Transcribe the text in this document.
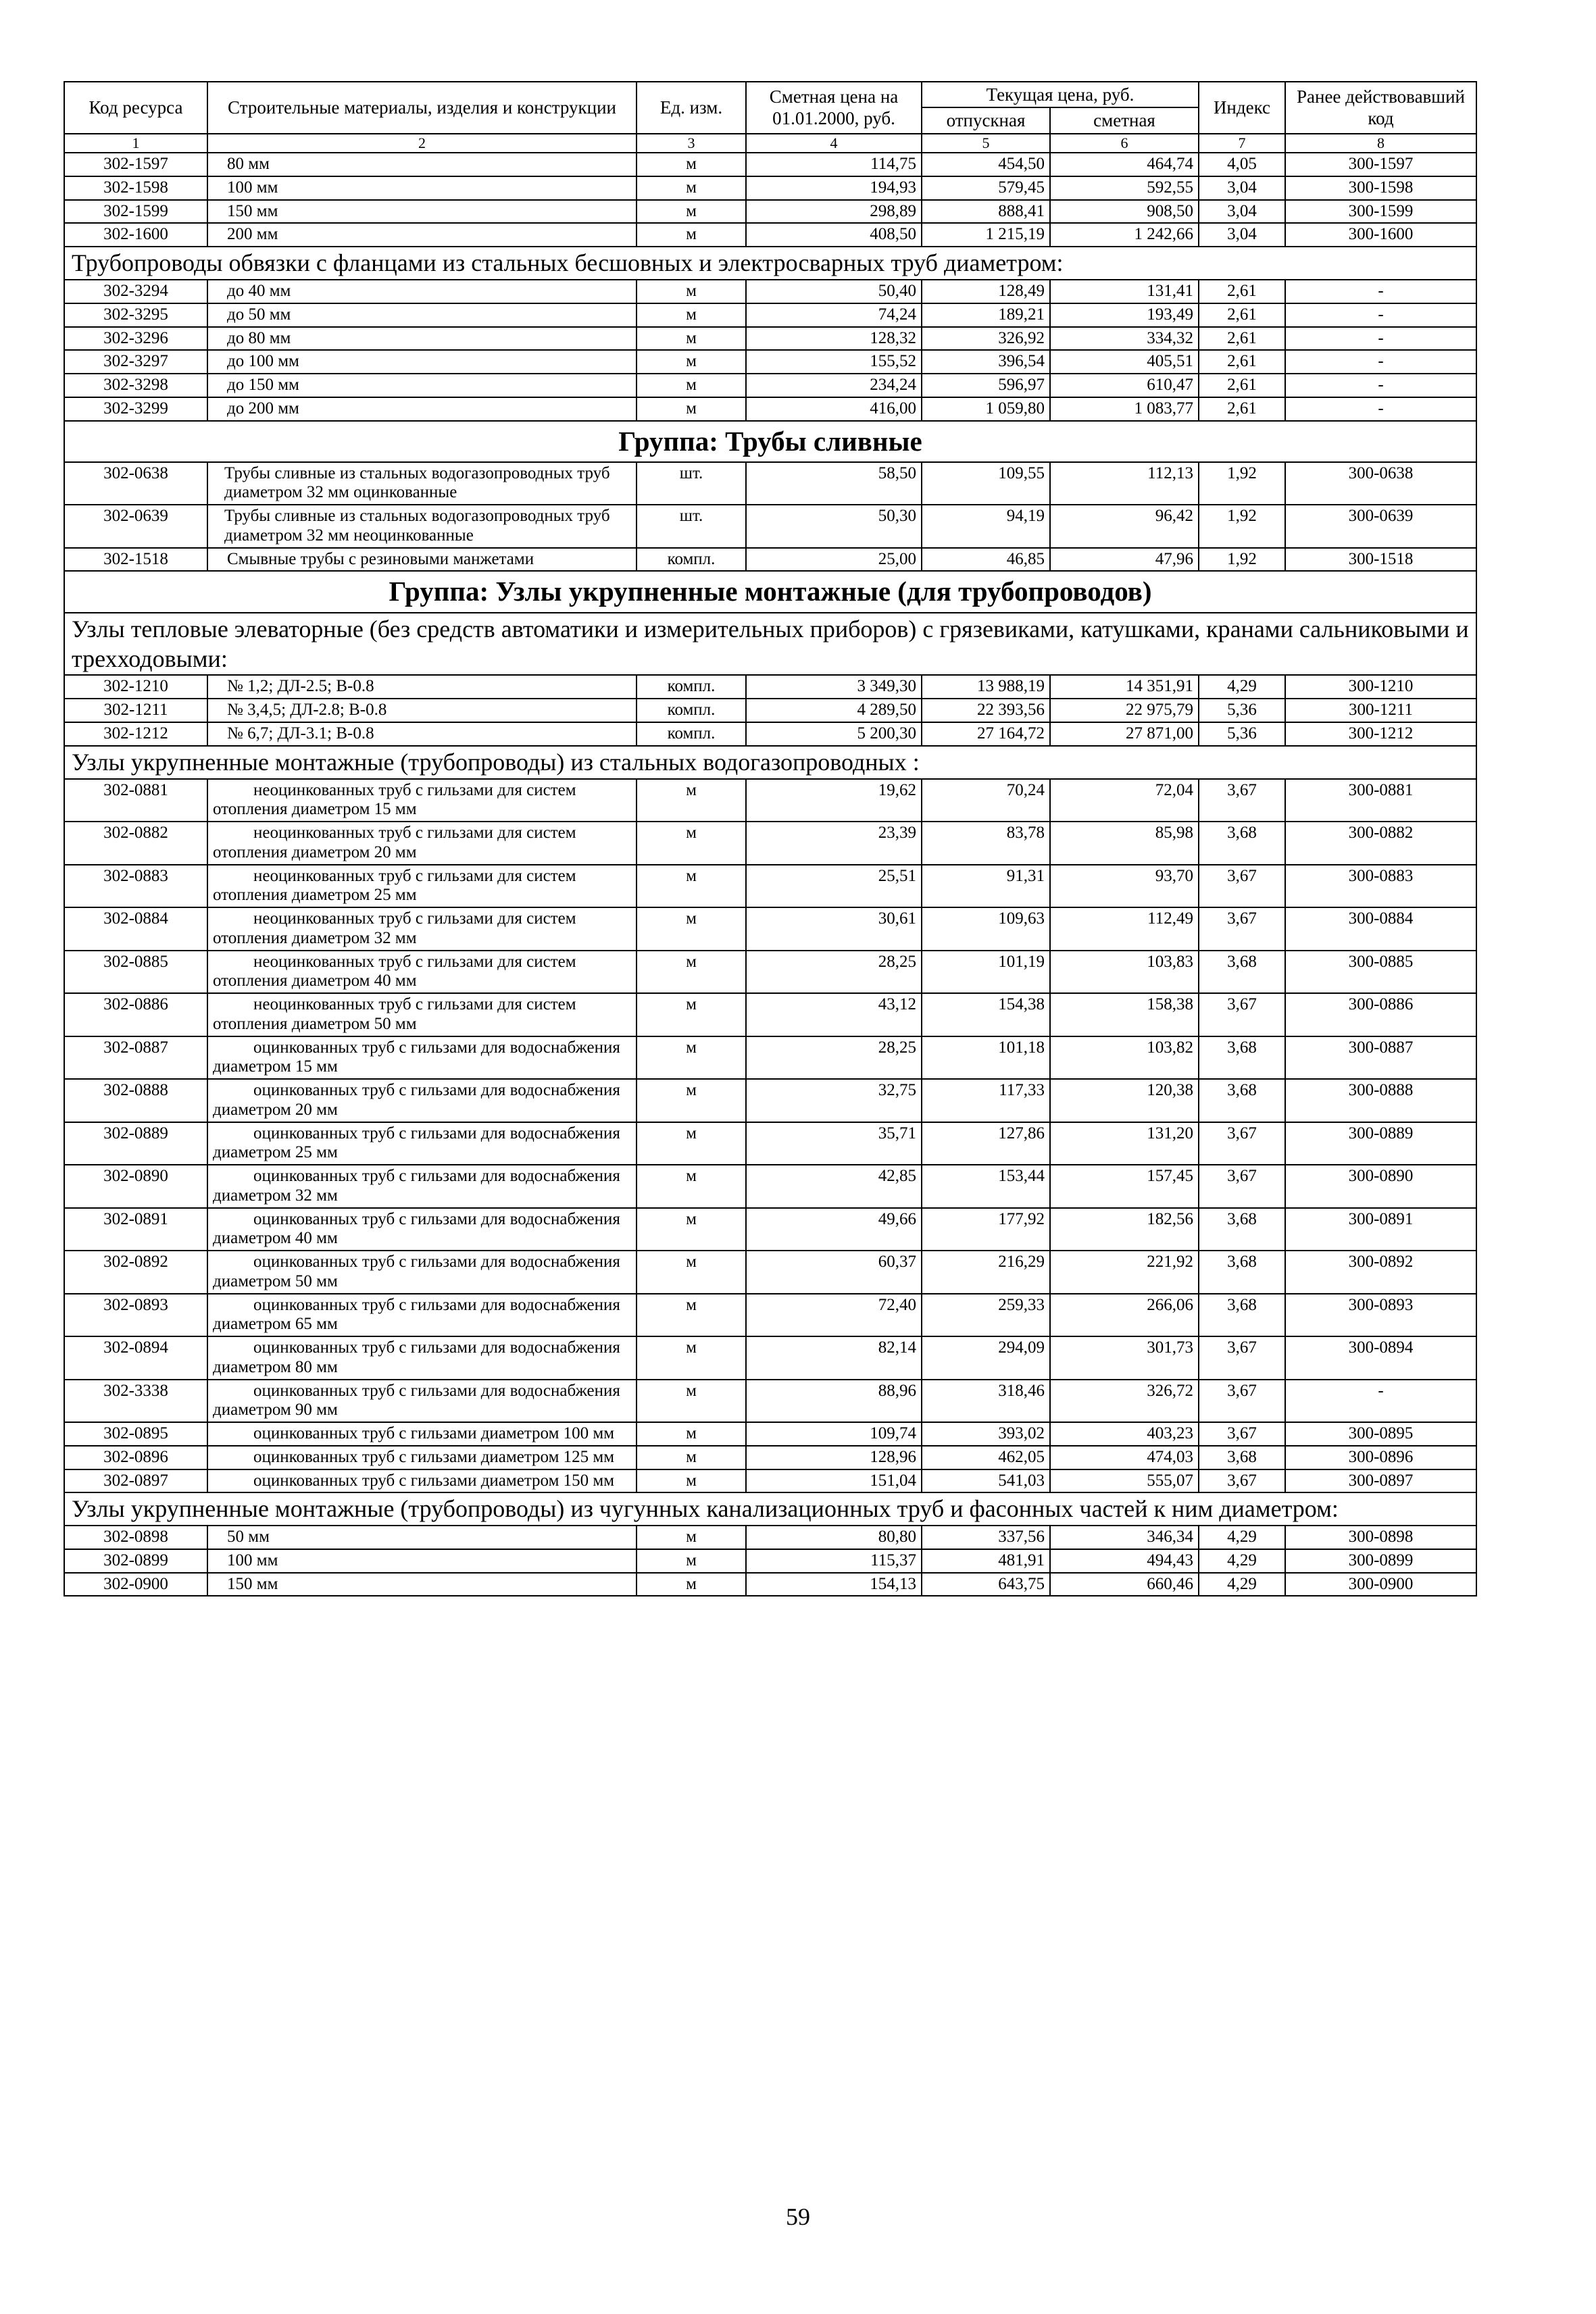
Код ресурса	Строительные материалы, изделия и конструкции	Ед. изм.	Сметная цена на 01.01.2000, руб.	Текущая цена, руб.		Индекс	Ранее действовавший код
				отпускная	сметная		
1	2	3	4	5	6	7	8
302-1597	80 мм	м	114,75	454,50	464,74	4,05	300-1597
302-1598	100 мм	м	194,93	579,45	592,55	3,04	300-1598
302-1599	150 мм	м	298,89	888,41	908,50	3,04	300-1599
302-1600	200 мм	м	408,50	1 215,19	1 242,66	3,04	300-1600
Трубопроводы обвязки с фланцами из стальных бесшовных и электросварных труб диаметром:							
302-3294	до 40 мм	м	50,40	128,49	131,41	2,61	-
302-3295	до 50 мм	м	74,24	189,21	193,49	2,61	-
302-3296	до 80 мм	м	128,32	326,92	334,32	2,61	-
302-3297	до 100 мм	м	155,52	396,54	405,51	2,61	-
302-3298	до 150 мм	м	234,24	596,97	610,47	2,61	-
302-3299	до 200 мм	м	416,00	1 059,80	1 083,77	2,61	-
Группа: Трубы сливные							
302-0638	Трубы сливные из стальных водогазопроводных труб диаметром 32 мм оцинкованные	шт.	58,50	109,55	112,13	1,92	300-0638
302-0639	Трубы сливные из стальных водогазопроводных труб диаметром 32 мм неоцинкованные	шт.	50,30	94,19	96,42	1,92	300-0639
302-1518	Смывные трубы с резиновыми манжетами	компл.	25,00	46,85	47,96	1,92	300-1518
Группа: Узлы укрупненные монтажные (для трубопроводов)							
Узлы тепловые элеваторные (без средств автоматики и измерительных приборов) с грязевиками, катушками, кранами сальниковыми и трехходовыми:							
302-1210	№ 1,2; ДЛ-2.5; В-0.8	компл.	3 349,30	13 988,19	14 351,91	4,29	300-1210
302-1211	№ 3,4,5; ДЛ-2.8; В-0.8	компл.	4 289,50	22 393,56	22 975,79	5,36	300-1211
302-1212	№ 6,7; ДЛ-3.1; В-0.8	компл.	5 200,30	27 164,72	27 871,00	5,36	300-1212
Узлы укрупненные монтажные (трубопроводы) из стальных водогазопроводных :							
302-0881	неоцинкованных труб с гильзами для систем отопления диаметром 15 мм	м	19,62	70,24	72,04	3,67	300-0881
302-0882	неоцинкованных труб с гильзами для систем отопления диаметром 20 мм	м	23,39	83,78	85,98	3,68	300-0882
302-0883	неоцинкованных труб с гильзами для систем отопления диаметром 25 мм	м	25,51	91,31	93,70	3,67	300-0883
302-0884	неоцинкованных труб с гильзами для систем отопления диаметром 32 мм	м	30,61	109,63	112,49	3,67	300-0884
302-0885	неоцинкованных труб с гильзами для систем отопления диаметром 40 мм	м	28,25	101,19	103,83	3,68	300-0885
302-0886	неоцинкованных труб с гильзами для систем отопления диаметром 50 мм	м	43,12	154,38	158,38	3,67	300-0886
302-0887	оцинкованных труб с гильзами для водоснабжения диаметром 15 мм	м	28,25	101,18	103,82	3,68	300-0887
302-0888	оцинкованных труб с гильзами для водоснабжения диаметром 20 мм	м	32,75	117,33	120,38	3,68	300-0888
302-0889	оцинкованных труб с гильзами для водоснабжения диаметром 25 мм	м	35,71	127,86	131,20	3,67	300-0889
302-0890	оцинкованных труб с гильзами для водоснабжения диаметром 32 мм	м	42,85	153,44	157,45	3,67	300-0890
302-0891	оцинкованных труб с гильзами для водоснабжения диаметром 40 мм	м	49,66	177,92	182,56	3,68	300-0891
302-0892	оцинкованных труб с гильзами для водоснабжения диаметром 50 мм	м	60,37	216,29	221,92	3,68	300-0892
302-0893	оцинкованных труб с гильзами для водоснабжения диаметром 65 мм	м	72,40	259,33	266,06	3,68	300-0893
302-0894	оцинкованных труб с гильзами для водоснабжения диаметром 80 мм	м	82,14	294,09	301,73	3,67	300-0894
302-3338	оцинкованных труб с гильзами для водоснабжения диаметром 90 мм	м	88,96	318,46	326,72	3,67	-
302-0895	оцинкованных труб с гильзами диаметром 100 мм	м	109,74	393,02	403,23	3,67	300-0895
302-0896	оцинкованных труб с гильзами диаметром 125 мм	м	128,96	462,05	474,03	3,68	300-0896
302-0897	оцинкованных труб с гильзами диаметром 150 мм	м	151,04	541,03	555,07	3,67	300-0897
Узлы укрупненные монтажные (трубопроводы) из чугунных канализационных труб и фасонных частей к ним диаметром:							
302-0898	50 мм	м	80,80	337,56	346,34	4,29	300-0898
302-0899	100 мм	м	115,37	481,91	494,43	4,29	300-0899
302-0900	150 мм	м	154,13	643,75	660,46	4,29	300-0900
59
